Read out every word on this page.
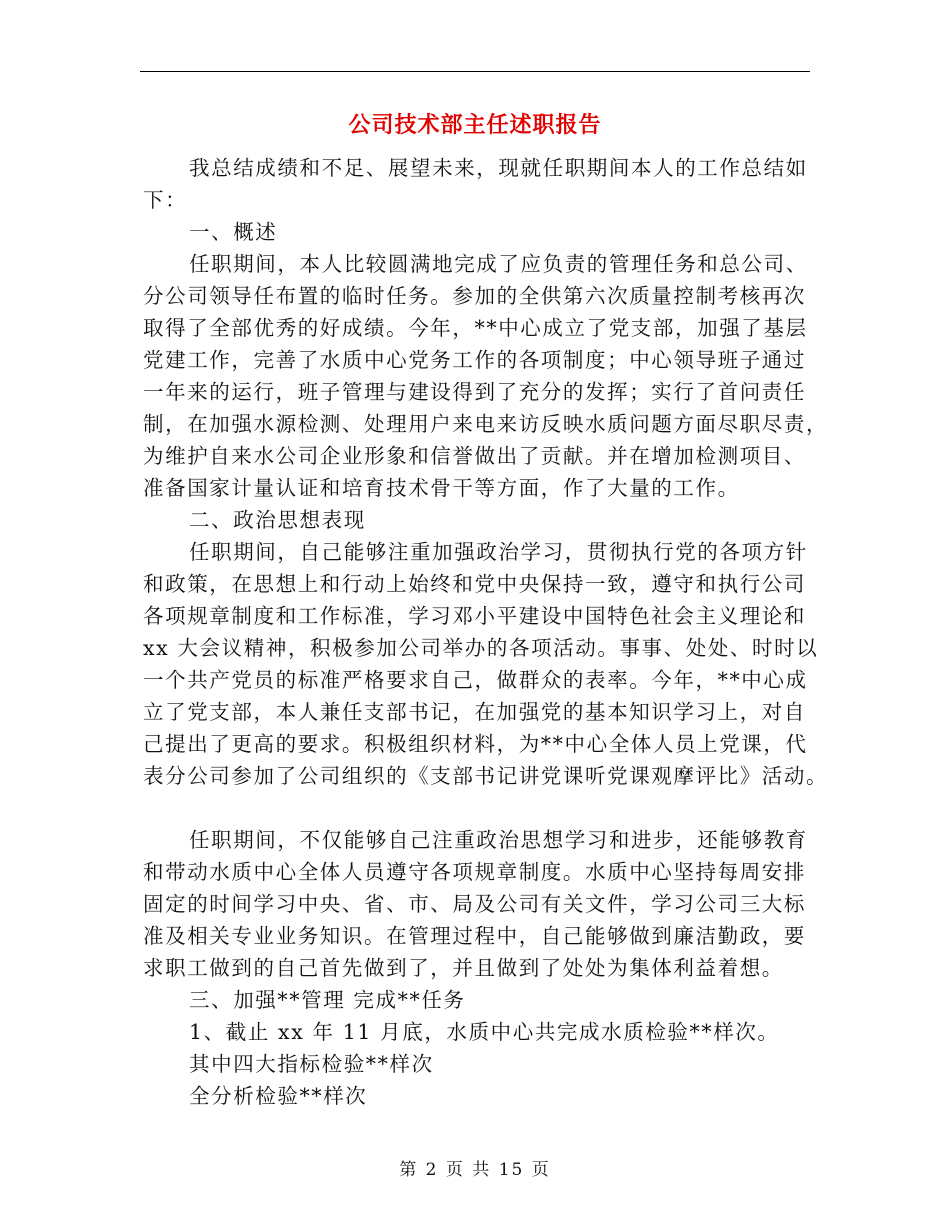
公司技术部主任述职报告
我总结成绩和不足、展望未来，现就任职期间本人的工作总结如
下：
一、概述
任职期间，本人比较圆满地完成了应负责的管理任务和总公司、
分公司领导任布置的临时任务。参加的全供第六次质量控制考核再次
取得了全部优秀的好成绩。今年，**中心成立了党支部，加强了基层
党建工作，完善了水质中心党务工作的各项制度；中心领导班子通过
一年来的运行，班子管理与建设得到了充分的发挥；实行了首问责任
制，在加强水源检测、处理用户来电来访反映水质问题方面尽职尽责，
为维护自来水公司企业形象和信誉做出了贡献。并在增加检测项目、
准备国家计量认证和培育技术骨干等方面，作了大量的工作。
二、政治思想表现
任职期间，自己能够注重加强政治学习，贯彻执行党的各项方针
和政策，在思想上和行动上始终和党中央保持一致，遵守和执行公司
各项规章制度和工作标准，学习邓小平建设中国特色社会主义理论和
xx 大会议精神，积极参加公司举办的各项活动。事事、处处、时时以
一个共产党员的标准严格要求自己，做群众的表率。今年，**中心成
立了党支部，本人兼任支部书记，在加强党的基本知识学习上，对自
己提出了更高的要求。积极组织材料，为**中心全体人员上党课，代
表分公司参加了公司组织的《支部书记讲党课听党课观摩评比》活动。
任职期间，不仅能够自己注重政治思想学习和进步，还能够教育
和带动水质中心全体人员遵守各项规章制度。水质中心坚持每周安排
固定的时间学习中央、省、市、局及公司有关文件，学习公司三大标
准及相关专业业务知识。在管理过程中，自己能够做到廉洁勤政，要
求职工做到的自己首先做到了，并且做到了处处为集体利益着想。
三、加强**管理 完成**任务
1、截止 xx 年 11 月底，水质中心共完成水质检验**样次。
其中四大指标检验**样次
全分析检验**样次
第 2 页 共 15 页
